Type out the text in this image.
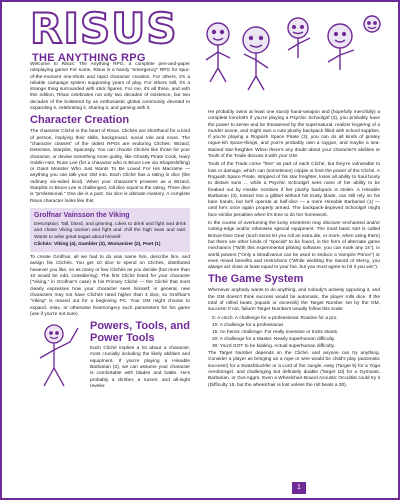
RISUS
THE ANYTHING RPG

Welcome to Risus: The Anything RPG, a complete pen-and-paper roleplaying game! For some, Risus is a handy "emergency" RPG for spur-of-the-moment one-shots and rapid character creation. For others, it's a reliable campaign system supporting years of play. For others still, it's a strange thing surrounded with stick figures. For me, it's all three, and with this edition, Risus celebrates not only two decades of existence, but two decades of the bolstered by an enthusiastic global community devoted to expanding it, celebrating it, sharing it, and gaming with it.

Character Creation

The character Cliché is the heart of Risus. Clichés are shorthand for a kind of person, implying their skills, background, social role and more. The "character classes" of the oldest RPGs are enduring Clichés: Wizard, Detective, Starpilot, Spacespy. You can choose Clichés like those for your character, or devise something more quirky, like Ghostly Pirate Cook, Hairy Goblin Heir, Rune Lee (for a character who is Bruce Lee via Shapeshifting) or Giant Monster Who Just Wants To Be Loved For His Macrame — anything you can talk your GM into. Each Cliché has a rating in dice (the ordinary six-sided kind). When your character's prowess as a Wizard, Starpilot or Bruce Lee is challenged, roll dice equal to the rating. Three dice is "professional." One die is a putz. Six dice is ultimate mastery. A complete Risus character looks like this:

Grolfnar Vainsson the Viking

Description: Tall, blond, and grinning. Likes to drink and fight and drink and chase Viking women and fight and chill the high seas and raid. Wants to write great sagas about himself.

Clichés: Viking (4), Gambler (3), Womanizer (2), Poet (1)

To create Grolfnar, all we had to do was name him, describe him, and assign his Clichés. You get 10 dice to spend on Clichés, distributed however you like, on as many or few Clichés as you decide (but more than 10 would be odd, considering). The first Cliché listed for your character ("Viking," in Grolfnar's case) is his Primary Cliché — the Cliché that most clearly expresses how your character sees himself; in general, new characters may not have Clichés rated higher than 4 dice, so Grolfnar's "Viking" is maxed out for a beginning PC. Your GM might choose to expand, relax, or otherwise fearmongery such parameters for his game (use if you're not sure).

Powers, Tools, and Power Tools

Each Cliché implies a lot about a character, most crucially including the likely abilities and equipment. If you're playing a Hireable Barbarian (3), we can assume your character is comfortable with blades and battle. He's probably a climber, a runner, and all-night reveler.

He probably owns at least one sturdy hand-weapon and (hopefully mercifully) a complete loincloth! If you're playing a Psychic Schoolgirl (3), you probably have the power to sense and be threatened by the supernatural, realizer lingering of a murder scene, and might own a cute plushy backpack filled with school supplies. If you're playing a Roguish Space Pirate (3), you can do all kinds of piratey rogue-ish space-things, and you're probably own a raygun, and maybe a sea-stained star-freighter. When there's any doubt about your character's abilities or Tools of the Trade discuss it with your GM.

Tools of the Trade come "free" as part of each Cliché, but they're vulnerable to loss or damage, which can (sometimes) cripple or limit the power of the Cliché. A Roguish Space Pirate, stripped of his star freighter, loses all ability to haul booty to distant suns ... while a Psychic Schoolgirl sees none of her ability to be freaked out by Hostile zombies if her plushy backpack is stolen. A Hireable Barbarian (3), tossed into a gibbet without his trusty blade, can still rely on his bare hands, but he'll operate at half-dice — a mere Hireable Barbarian (1) — until he's once again properly armed. The backpack-deprived Schoolgirl might face similar penalties when it's time to do her homework.

In the course of overturning the lucky esoterism may discover enchanted and/or cutting-edge and/or otherwise special equipment. The most basic sort is called Bonus-Dice Gear (such items let you roll an extra die, or more, when using them) but there are other kinds of "special" to be found, in the form of alternate game mechanics ("With this experimental piloting software, you can mark any 1s"), in world powers ("Only a Stradivarius can be used to seduce a Vampire Prince") or even mixed benefits and restrictions ("While wielding the Sword of Mercy, you always act close at least equal to your foe, but you must agree to hit it you win").

The Game System

Whenever anybody wants to do anything, and nobody's actively opposing it, and the GM doesn't think success would be automatic, the player rolls dice. If the total of rolled beats (equals or exceeds) the Target Number set by the GM, success! If not, failure! Target Numbers usually follow this scale:

5: A cinch. A challenge for a professional. Routine for a pro.
10: A challenge for a professional.
15: An heroic challenge. For really inventive or tricks stunts.
20: A challenge for a Master. Nearly superhuman difficulty.
30: You'd GOT to be kidding. Actual superhuman difficulty.

The Target Number depends on the Cliché, and anyone can try anything. Consider a player as bringing an a rope or wire would be child's play (automatic success!) for a Swashbuckler or a Lord of the Jungle, easy (Target 5) for a Yoga Aerobicsgirl, and challenging but definitely doable (Target 10) for a Gymnast, Barbarian, or Gut-Aggro. Even a Wheelchair-Bound Acoustic Occultist could try it (Difficulty 15, but the wheelchair is lost unless the roll beats a 30).

1
